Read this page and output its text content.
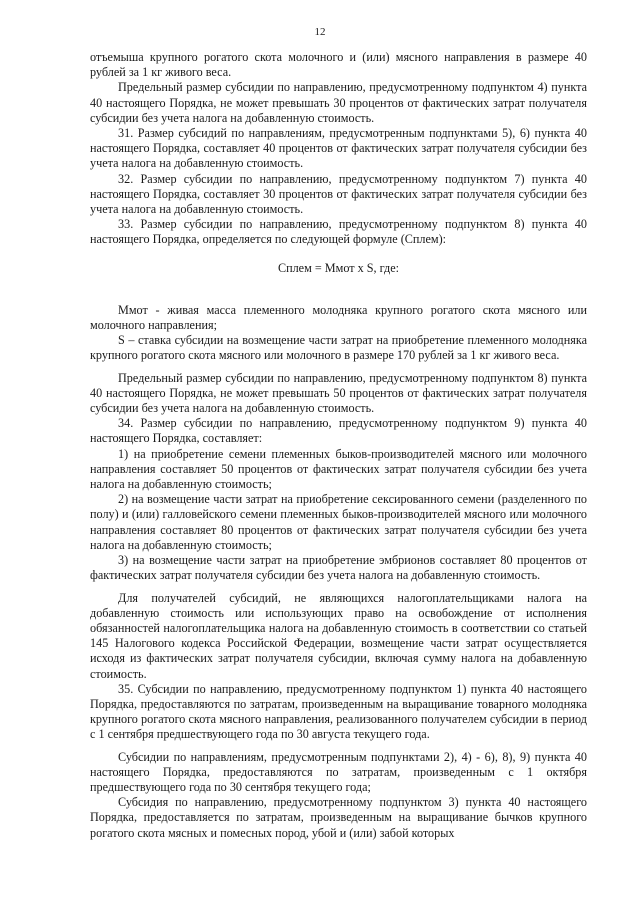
12

отъемыша крупного рогатого скота молочного и (или) мясного направления в размере 40 рублей за 1 кг живого веса.

Предельный размер субсидии по направлению, предусмотренному подпунктом 4) пункта 40 настоящего Порядка, не может превышать 30 процентов от фактических затрат получателя субсидии без учета налога на добавленную стоимость.

31. Размер субсидий по направлениям, предусмотренным подпунктами 5), 6) пункта 40 настоящего Порядка, составляет 40 процентов от фактических затрат получателя субсидии без учета налога на добавленную стоимость.

32. Размер субсидии по направлению, предусмотренному подпунктом 7) пункта 40 настоящего Порядка, составляет 30 процентов от фактических затрат получателя субсидии без учета налога на добавленную стоимость.

33. Размер субсидии по направлению, предусмотренному подпунктом 8) пункта 40 настоящего Порядка, определяется по следующей формуле (Сплем):

Сплем = Ммот х S, где:

Ммот - живая масса племенного молодняка крупного рогатого скота мясного или молочного направления;

S – ставка субсидии на возмещение части затрат на приобретение племенного молодняка крупного рогатого скота мясного или молочного в размере 170 рублей за 1 кг живого веса.

Предельный размер субсидии по направлению, предусмотренному подпунктом 8) пункта 40 настоящего Порядка, не может превышать 50 процентов от фактических затрат получателя субсидии без учета налога на добавленную стоимость.

34. Размер субсидии по направлению, предусмотренному подпунктом 9) пункта 40 настоящего Порядка, составляет:

1) на приобретение семени племенных быков-производителей мясного или молочного направления составляет 50 процентов от фактических затрат получателя субсидии без учета налога на добавленную стоимость;

2) на возмещение части затрат на приобретение сексированного семени (разделенного по полу) и (или) галловейского семени племенных быков-производителей мясного или молочного направления составляет 80 процентов от фактических затрат получателя субсидии без учета налога на добавленную стоимость;

3) на возмещение части затрат на приобретение эмбрионов составляет 80 процентов от фактических затрат получателя субсидии без учета налога на добавленную стоимость.

Для получателей субсидий, не являющихся налогоплательщиками налога на добавленную стоимость или использующих право на освобождение от исполнения обязанностей налогоплательщика налога на добавленную стоимость в соответствии со статьей 145 Налогового кодекса Российской Федерации, возмещение части затрат осуществляется исходя из фактических затрат получателя субсидии, включая сумму налога на добавленную стоимость.

35. Субсидии по направлению, предусмотренному подпунктом 1) пункта 40 настоящего Порядка, предоставляются по затратам, произведенным на выращивание товарного молодняка крупного рогатого скота мясного направления, реализованного получателем субсидии в период с 1 сентября предшествующего года по 30 августа текущего года.

Субсидии по направлениям, предусмотренным подпунктами 2), 4) - 6), 8), 9) пункта 40 настоящего Порядка, предоставляются по затратам, произведенным с 1 октября предшествующего года по 30 сентября текущего года;

Субсидия по направлению, предусмотренному подпунктом 3) пункта 40 настоящего Порядка, предоставляется по затратам, произведенным на выращивание бычков крупного рогатого скота мясных и помесных пород, убой и (или) забой которых
